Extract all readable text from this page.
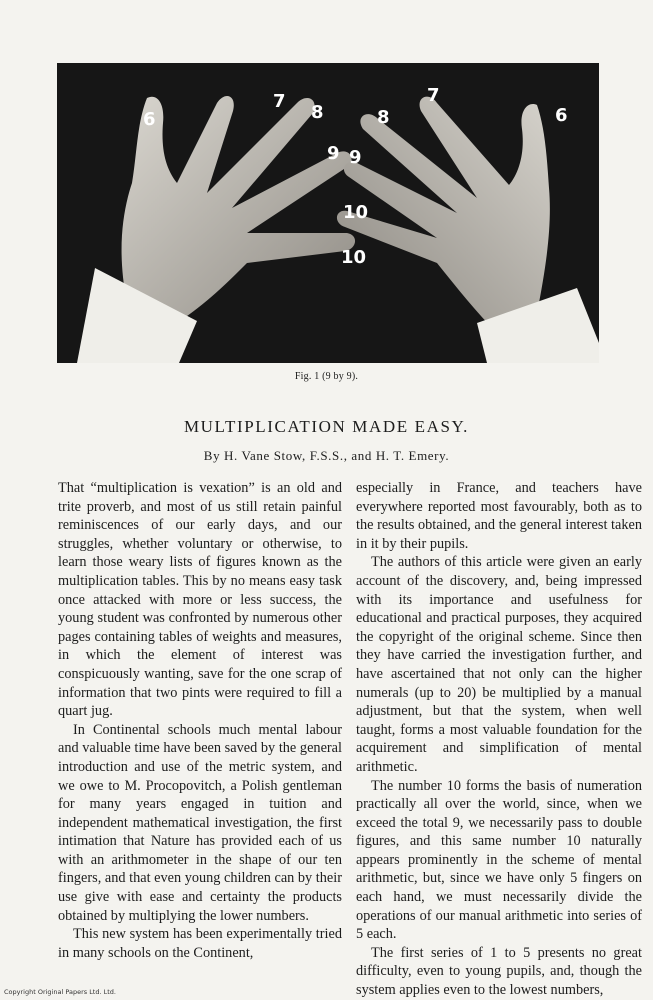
6
7
8
9
10
6
7
8
9
10
Fig. 1 (9 by 9).
MULTIPLICATION MADE EASY.
By H. Vane Stow, F.S.S., and H. T. Emery.

That “multiplication is vexation” is an old and trite proverb, and most of us still retain painful reminiscences of our early days, and our struggles, whether voluntary or otherwise, to learn those weary lists of figures known as the multiplication tables. This by no means easy task once attacked with more or less success, the young student was confronted by numerous other pages containing tables of weights and measures, in which the element of interest was conspicuously wanting, save for the one scrap of information that two pints were required to fill a quart jug.

In Continental schools much mental labour and valuable time have been saved by the general introduction and use of the metric system, and we owe to M. Procopovitch, a Polish gentleman for many years engaged in tuition and independent mathematical investigation, the first intimation that Nature has provided each of us with an arithmometer in the shape of our ten fingers, and that even young children can by their use give with ease and certainty the products obtained by multiplying the lower numbers.

This new system has been experimentally tried in many schools on the Continent,

especially in France, and teachers have everywhere reported most favourably, both as to the results obtained, and the general interest taken in it by their pupils.

The authors of this article were given an early account of the discovery, and, being impressed with its importance and usefulness for educational and practical purposes, they acquired the copyright of the original scheme. Since then they have carried the investigation further, and have ascertained that not only can the higher numerals (up to 20) be multiplied by a manual adjustment, but that the system, when well taught, forms a most valuable foundation for the acquirement and simplification of mental arithmetic.

The number 10 forms the basis of numeration practically all over the world, since, when we exceed the total 9, we necessarily pass to double figures, and this same number 10 naturally appears prominently in the scheme of mental arithmetic, but, since we have only 5 fingers on each hand, we must necessarily divide the operations of our manual arithmetic into series of 5 each.

The first series of 1 to 5 presents no great difficulty, even to young pupils, and, though the system applies even to the lowest numbers,

Copyright Original Papers Ltd. Ltd.
